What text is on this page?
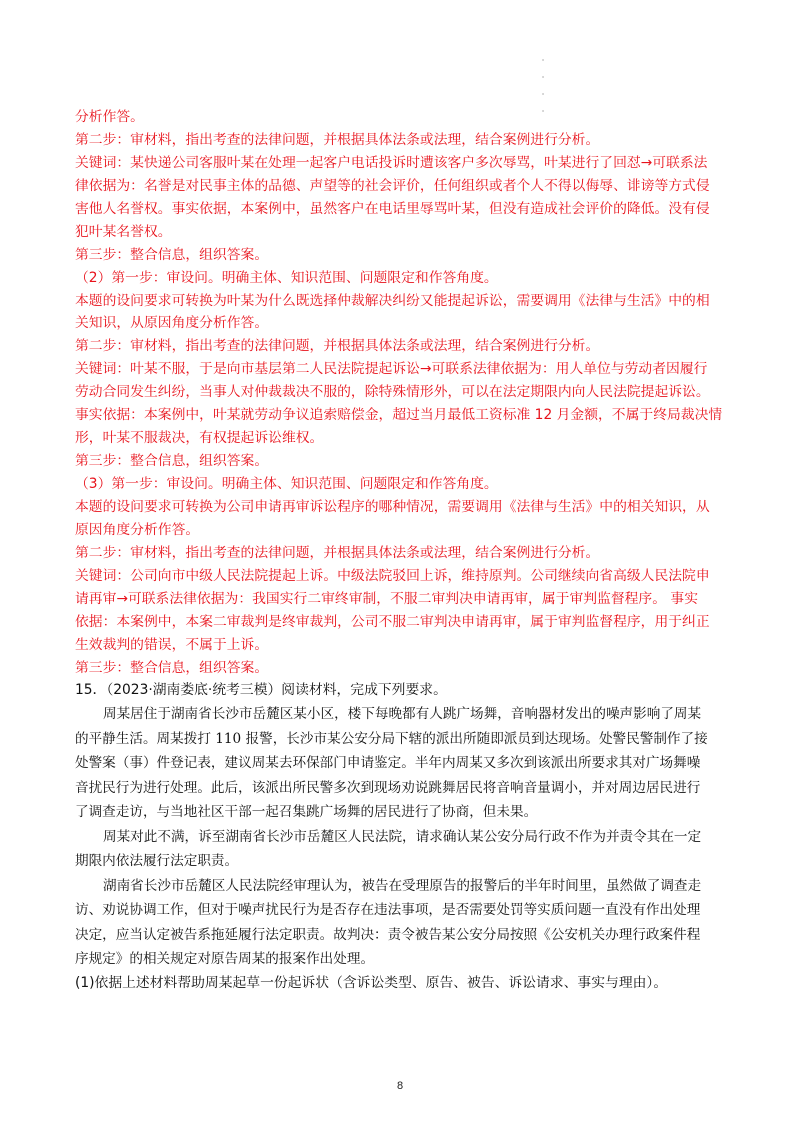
·
·
·
·
分析作答。
第二步：审材料，指出考查的法律问题，并根据具体法条或法理，结合案例进行分析。
关键词：某快递公司客服叶某在处理一起客户电话投诉时遭该客户多次辱骂，叶某进行了回怼→可联系法
律依据为：名誉是对民事主体的品德、声望等的社会评价，任何组织或者个人不得以侮辱、诽谤等方式侵
害他人名誉权。事实依据，本案例中，虽然客户在电话里辱骂叶某，但没有造成社会评价的降低。没有侵
犯叶某名誉权。
第三步：整合信息，组织答案。
（2）第一步：审设问。明确主体、知识范围、问题限定和作答角度。
本题的设问要求可转换为叶某为什么既选择仲裁解决纠纷又能提起诉讼，需要调用《法律与生活》中的相
关知识，从原因角度分析作答。
第二步：审材料，指出考查的法律问题，并根据具体法条或法理，结合案例进行分析。
关键词：叶某不服，于是向市基层第二人民法院提起诉讼→可联系法律依据为：用人单位与劳动者因履行
劳动合同发生纠纷，当事人对仲裁裁决不服的，除特殊情形外，可以在法定期限内向人民法院提起诉讼。
事实依据：本案例中，叶某就劳动争议追索赔偿金，超过当月最低工资标准 12 月金额，不属于终局裁决情
形，叶某不服裁决，有权提起诉讼维权。
第三步：整合信息，组织答案。
（3）第一步：审设问。明确主体、知识范围、问题限定和作答角度。
本题的设问要求可转换为公司申请再审诉讼程序的哪种情况，需要调用《法律与生活》中的相关知识，从
原因角度分析作答。
第二步：审材料，指出考查的法律问题，并根据具体法条或法理，结合案例进行分析。
关键词：公司向市中级人民法院提起上诉。中级法院驳回上诉，维持原判。公司继续向省高级人民法院申
请再审→可联系法律依据为：我国实行二审终审制，不服二审判决申请再审，属于审判监督程序。 事实
依据：本案例中，本案二审裁判是终审裁判，公司不服二审判决申请再审，属于审判监督程序，用于纠正
生效裁判的错误，不属于上诉。
第三步：整合信息，组织答案。
15．（2023·湖南娄底·统考三模）阅读材料，完成下列要求。
周某居住于湖南省长沙市岳麓区某小区，楼下每晚都有人跳广场舞，音响器材发出的噪声影响了周某
的平静生活。周某拨打 110 报警，长沙市某公安分局下辖的派出所随即派员到达现场。处警民警制作了接
处警案（事）件登记表，建议周某去环保部门申请鉴定。半年内周某又多次到该派出所要求其对广场舞噪
音扰民行为进行处理。此后，该派出所民警多次到现场劝说跳舞居民将音响音量调小，并对周边居民进行
了调查走访，与当地社区干部一起召集跳广场舞的居民进行了协商，但未果。
周某对此不满，诉至湖南省长沙市岳麓区人民法院，请求确认某公安分局行政不作为并责令其在一定
期限内依法履行法定职责。
湖南省长沙市岳麓区人民法院经审理认为，被告在受理原告的报警后的半年时间里，虽然做了调查走
访、劝说协调工作，但对于噪声扰民行为是否存在违法事项，是否需要处罚等实质问题一直没有作出处理
决定，应当认定被告系拖延履行法定职责。故判决：责令被告某公安分局按照《公安机关办理行政案件程
序规定》的相关规定对原告周某的报案作出处理。
(1)依据上述材料帮助周某起草一份起诉状（含诉讼类型、原告、被告、诉讼请求、事实与理由）。
8
